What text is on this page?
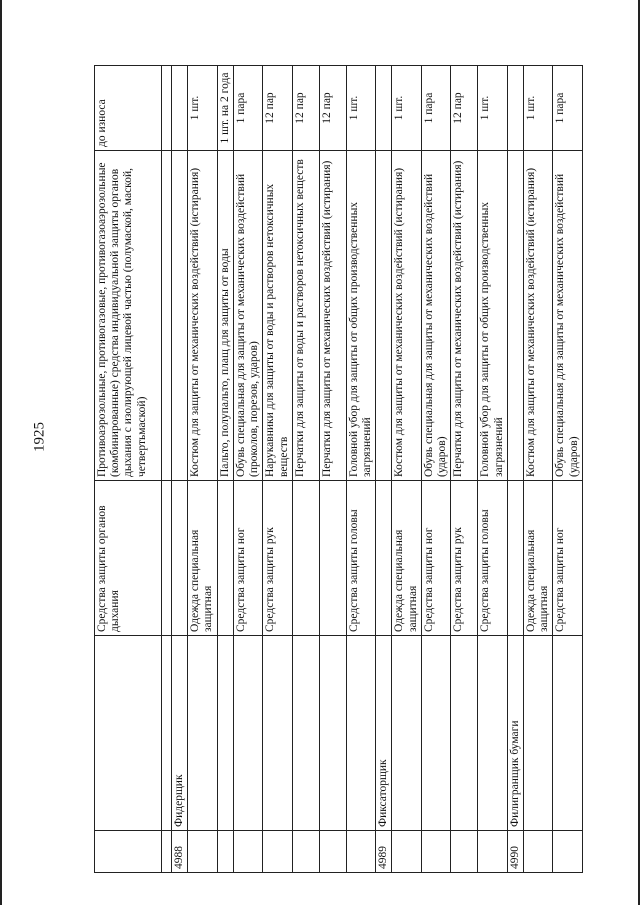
1925
		Средства защиты органов дыхания	Противоаэрозольные, противогазовые, противогазоаэрозольные (комбинированные) средства индивидуальной защиты органов дыхания с изолирующей лицевой частью (полумаской, маской, четвертьмаской)	до износа

4988	Фидерщик			
		Одежда специальная защитная	Костюм для защиты от механических воздействий (истирания)	1 шт.
			Пальто, полупальто, плащ для защиты от воды	1 шт. на 2 года
		Средства защиты ног	Обувь специальная для защиты от механических воздействий (проколов, порезов, ударов)	1 пара
		Средства защиты рук	Нарукавники для защиты от воды и растворов нетоксичных веществ	12 пар
			Перчатки для защиты от воды и растворов нетоксичных веществ	12 пар
			Перчатки для защиты от механических воздействий (истирания)	12 пар
		Средства защиты головы	Головной убор для защиты от общих производственных загрязнений	1 шт.
4989	Фиксаторщик			
		Одежда специальная защитная	Костюм для защиты от механических воздействий (истирания)	1 шт.
		Средства защиты ног	Обувь специальная для защиты от механических воздействий (ударов)	1 пара
		Средства защиты рук	Перчатки для защиты от механических воздействий (истирания)	12 пар
		Средства защиты головы	Головной убор для защиты от общих производственных загрязнений	1 шт.
4990	Филигранщик бумаги			
		Одежда специальная защитная	Костюм для защиты от механических воздействий (истирания)	1 шт.
		Средства защиты ног	Обувь специальная для защиты от механических воздействий (ударов)	1 пара
